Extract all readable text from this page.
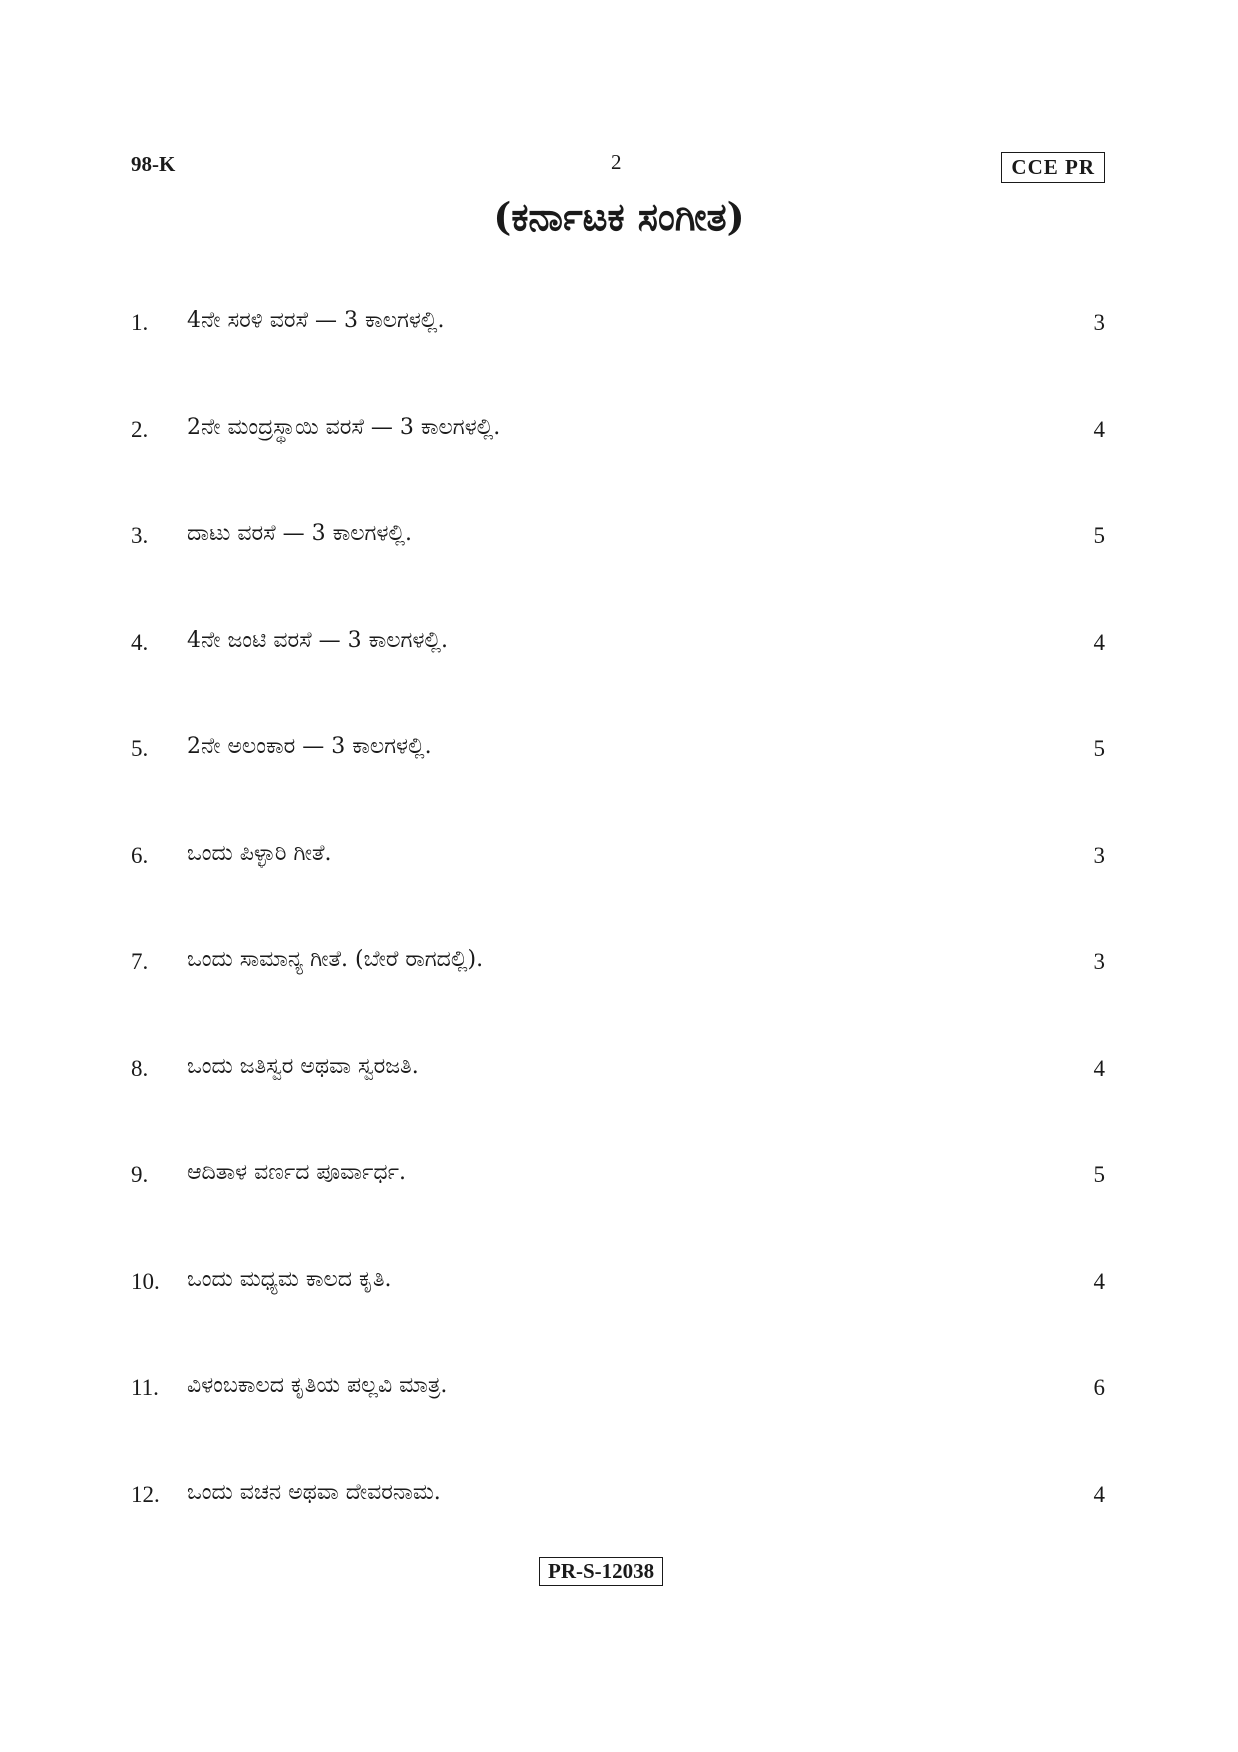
98-K	2	CCE PR
(ಕರ್ನಾಟಕ ಸಂಗೀತ)
1. 4ನೇ ಸರಳಿ ವರಸೆ — 3 ಕಾಲಗಳಲ್ಲಿ.	3
2. 2ನೇ ಮಂದ್ರಸ್ಥಾಯಿ ವರಸೆ — 3 ಕಾಲಗಳಲ್ಲಿ.	4
3. ದಾಟು ವರಸೆ — 3 ಕಾಲಗಳಲ್ಲಿ.	5
4. 4ನೇ ಜಂಟಿ ವರಸೆ — 3 ಕಾಲಗಳಲ್ಲಿ.	4
5. 2ನೇ ಅಲಂಕಾರ — 3 ಕಾಲಗಳಲ್ಲಿ.	5
6. ಒಂದು ಪಿಳ್ಳಾರಿ ಗೀತೆ.	3
7. ಒಂದು ಸಾಮಾನ್ಯ ಗೀತೆ. (ಬೇರೆ ರಾಗದಲ್ಲಿ).	3
8. ಒಂದು ಜತಿಸ್ವರ ಅಥವಾ ಸ್ವರಜತಿ.	4
9. ಆದಿತಾಳ ವರ್ಣದ ಪೂರ್ವಾರ್ಧ.	5
10. ಒಂದು ಮಧ್ಯಮ ಕಾಲದ ಕೃತಿ.	4
11. ವಿಳಂಬಕಾಲದ ಕೃತಿಯ ಪಲ್ಲವಿ ಮಾತ್ರ.	6
12. ಒಂದು ವಚನ ಅಥವಾ ದೇವರನಾಮ.	4
PR-S-12038
